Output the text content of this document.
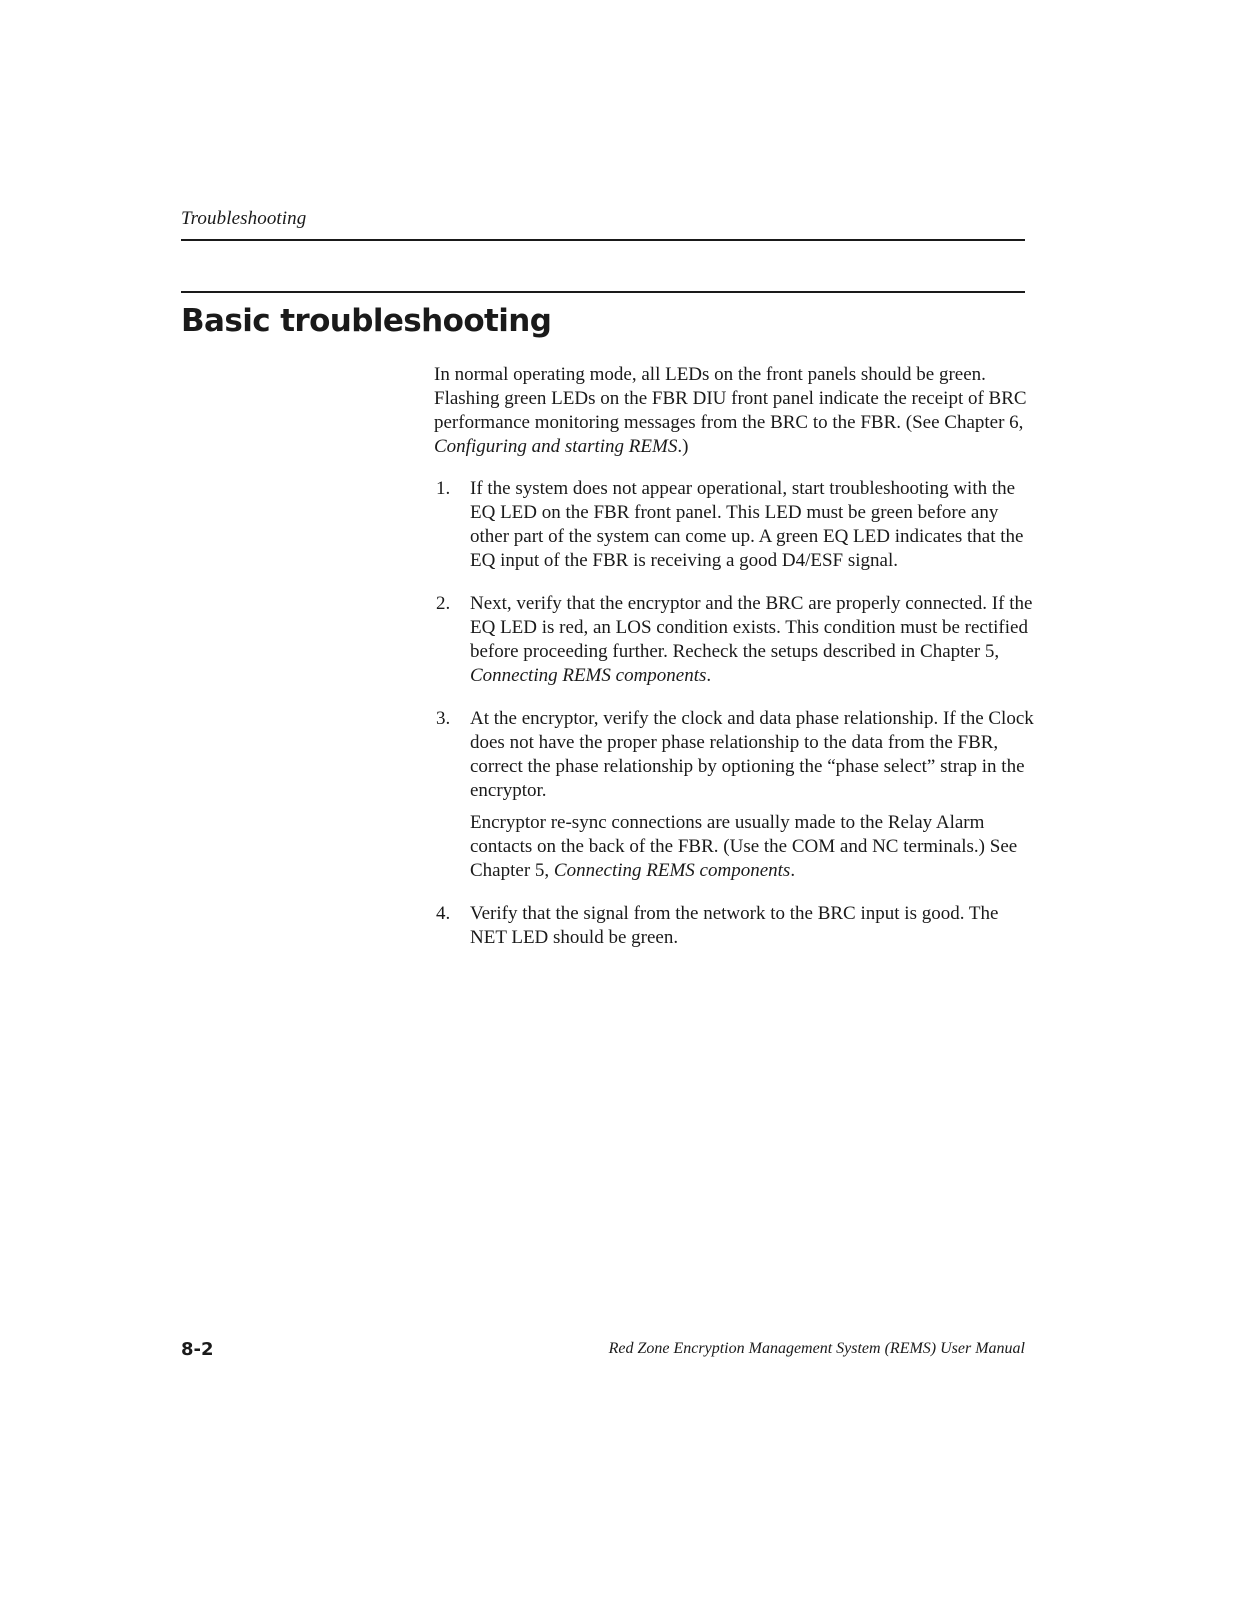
Troubleshooting
Basic troubleshooting

In normal operating mode, all LEDs on the front panels should be green. Flashing green LEDs on the FBR DIU front panel indicate the receipt of BRC performance monitoring messages from the BRC to the FBR. (See Chapter 6, Configuring and starting REMS.)

1. If the system does not appear operational, start troubleshooting with the EQ LED on the FBR front panel. This LED must be green before any other part of the system can come up. A green EQ LED indicates that the EQ input of the FBR is receiving a good D4/ESF signal.

2. Next, verify that the encryptor and the BRC are properly connected. If the EQ LED is red, an LOS condition exists. This condition must be rectified before proceeding further. Recheck the setups described in Chapter 5, Connecting REMS components.

3. At the encryptor, verify the clock and data phase relationship. If the Clock does not have the proper phase relationship to the data from the FBR, correct the phase relationship by optioning the “phase select” strap in the encryptor.

Encryptor re-sync connections are usually made to the Relay Alarm contacts on the back of the FBR. (Use the COM and NC terminals.) See Chapter 5, Connecting REMS components.

4. Verify that the signal from the network to the BRC input is good. The NET LED should be green.

8-2	Red Zone Encryption Management System (REMS) User Manual
